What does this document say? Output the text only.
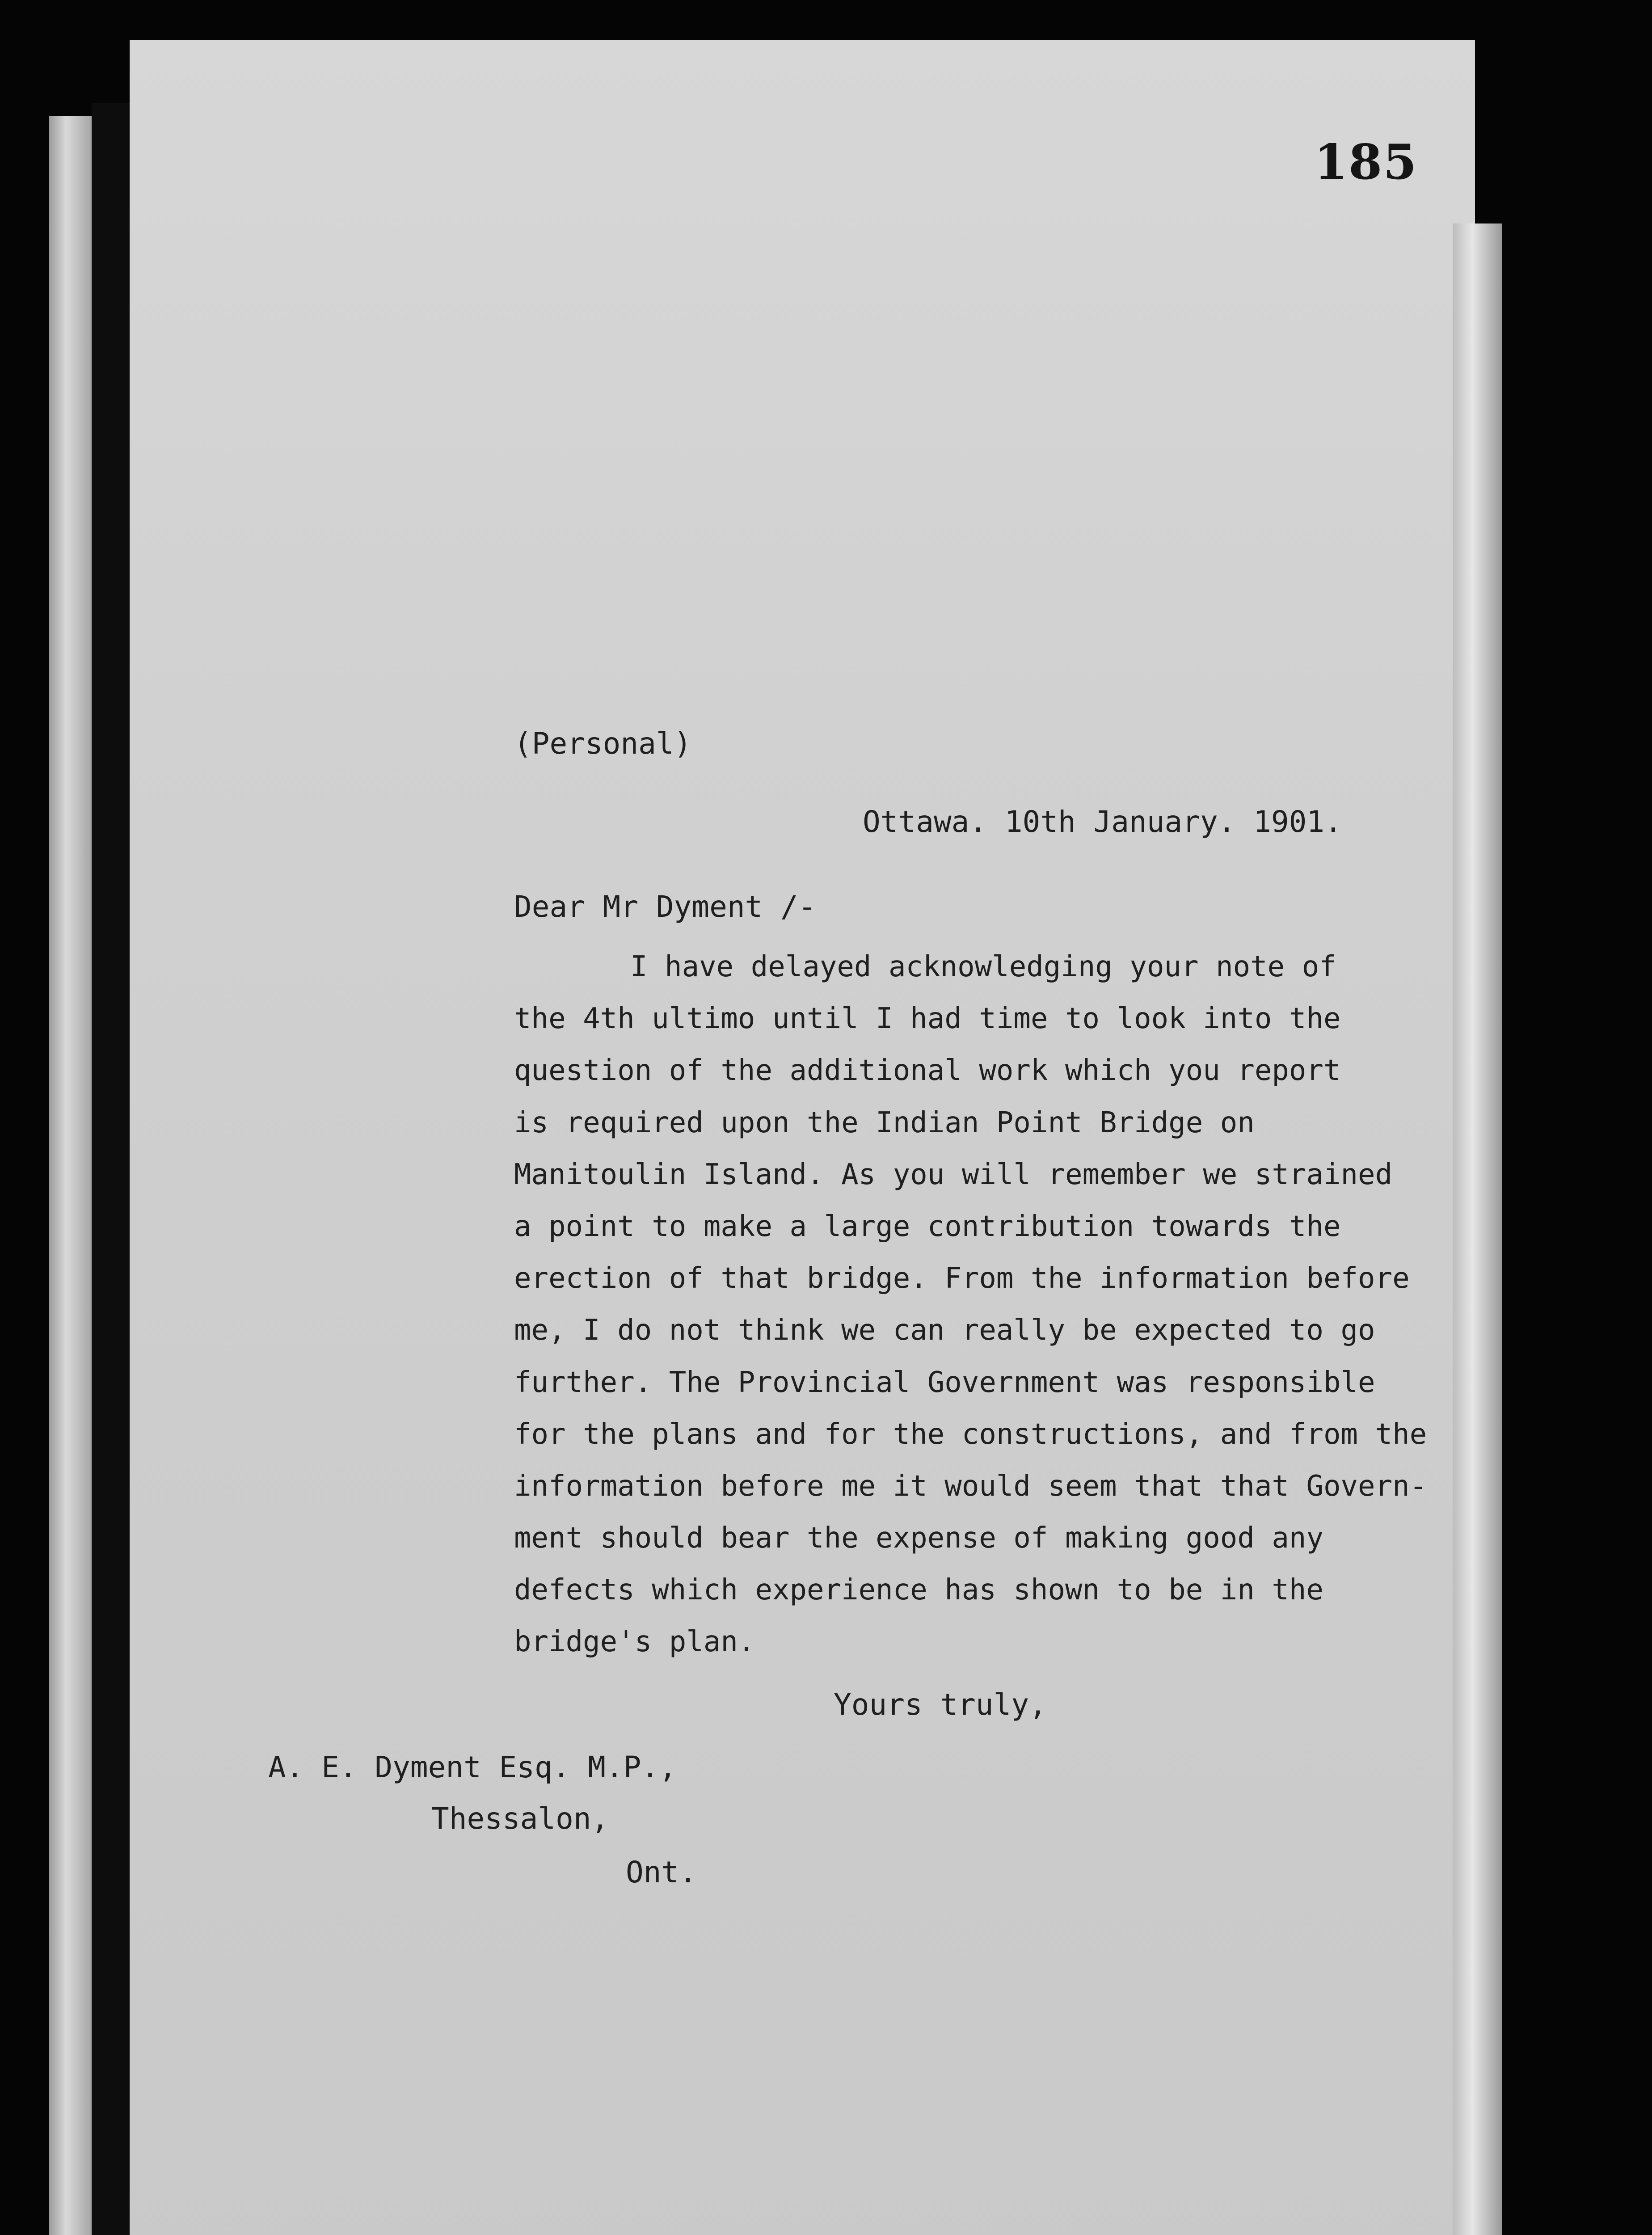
185
(Personal)
Ottawa. 10th January. 1901.
Dear Mr Dyment /-
I have delayed acknowledging your note of
the 4th ultimo until I had time to look into the
question of the additional work which you report
is required upon the Indian Point Bridge on
Manitoulin Island. As you will remember we strained
a point to make a large contribution towards the
erection of that bridge. From the information before
me, I do not think we can really be expected to go
further. The Provincial Government was responsible
for the plans and for the constructions, and from the
information before me it would seem that that Govern-
ment should bear the expense of making good any
defects which experience has shown to be in the
bridge's plan.
Yours truly,
A. E. Dyment Esq. M.P.,
Thessalon,
Ont.
